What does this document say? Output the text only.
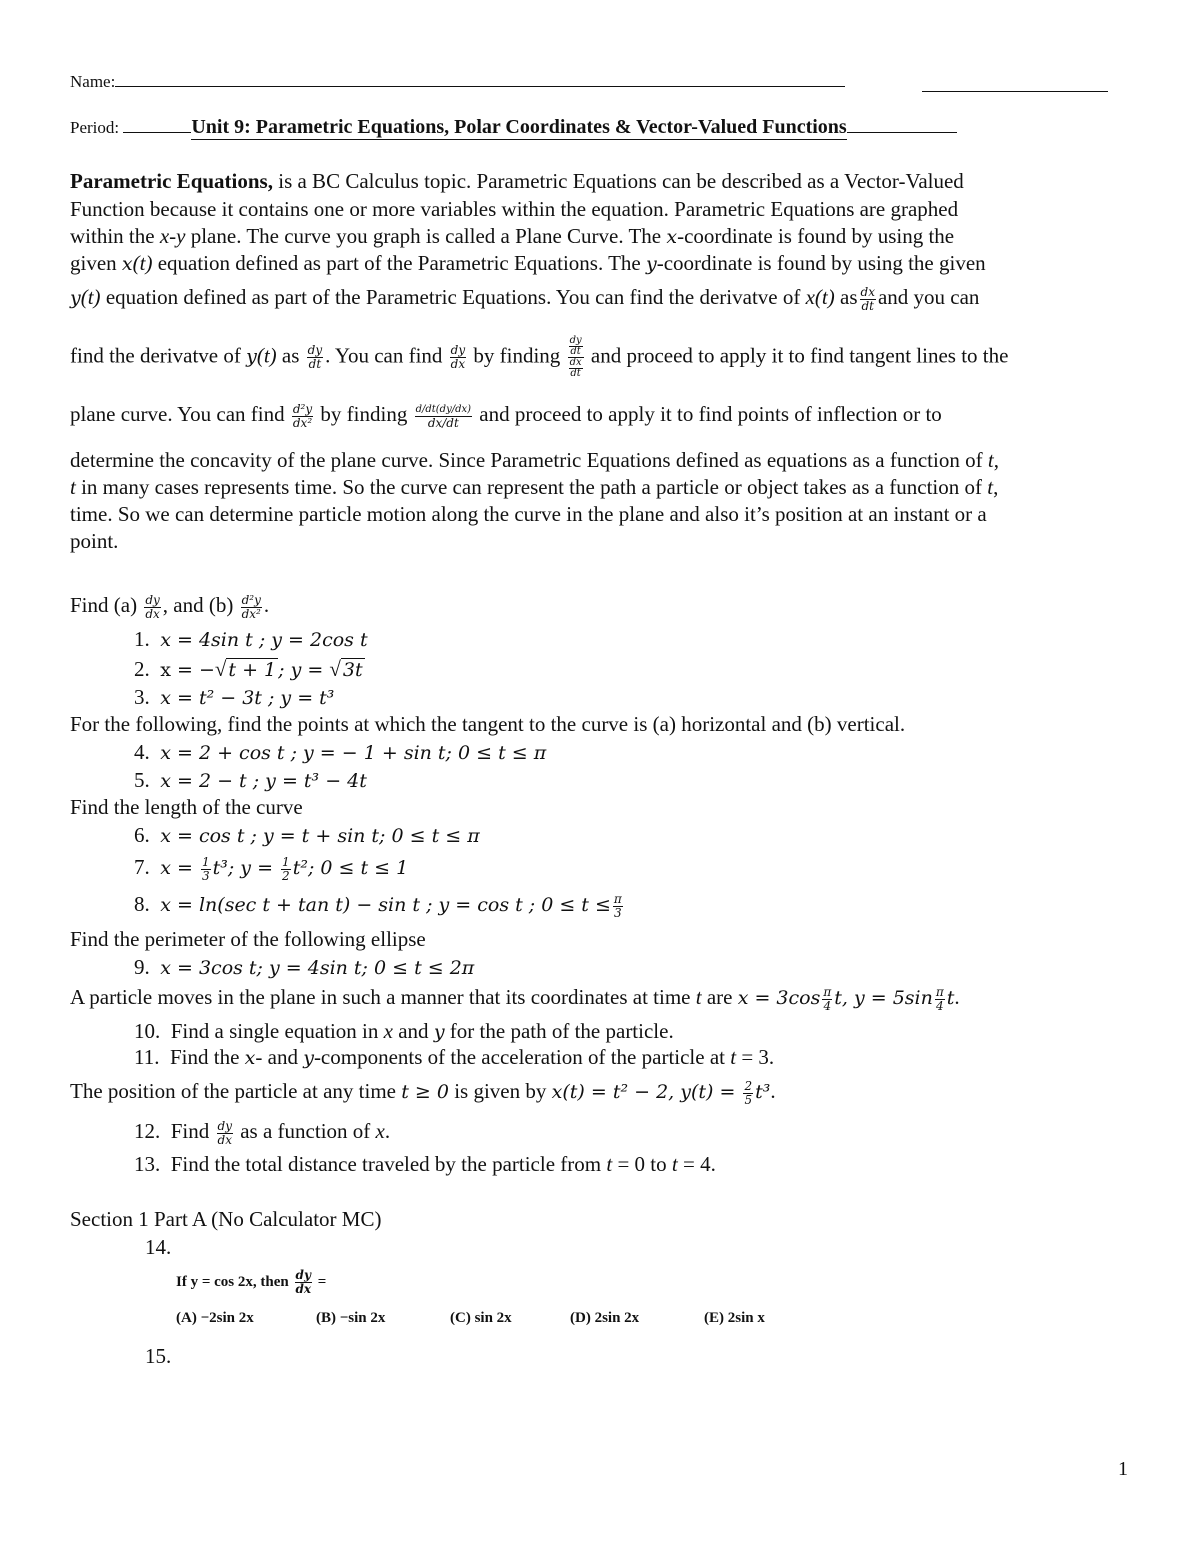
Name:
Period:	Unit 9: Parametric Equations, Polar Coordinates & Vector-Valued Functions
Parametric Equations, is a BC Calculus topic. Parametric Equations can be described as a Vector-Valued
Function because it contains one or more variables within the equation. Parametric Equations are graphed
within the x-y plane. The curve you graph is called a Plane Curve. The x-coordinate is found by using the
given x(t) equation defined as part of the Parametric Equations. The y-coordinate is found by using the given
y(t) equation defined as part of the Parametric Equations. You can find the derivatve of x(t) as $\frac{dx}{dt}$ and you can
find the derivatve of y(t) as $\frac{dy}{dt}$ . You can find $\frac{dy}{dx}$ by finding $\frac{\frac{dy}{dt}}{\frac{dx}{dt}}$ and proceed to apply it to find tangent lines to the
plane curve. You can find $\frac{\text{d²y}}{\text{dx²}}$ by finding $\frac{d/dt(dy/dx)}{dx/dt}$ and proceed to apply it to find points of inflection or to
determine the concavity of the plane curve. Since Parametric Equations defined as equations as a function of t,
t in many cases represents time. So the curve can represent the path a particle or object takes as a function of t,
time. So we can determine particle motion along the curve in the plane and also it’s position at an instant or a
point.
Find $(a) \frac{dy}{dx}$ , and $(b) \frac{\text{d²y}}{\text{dx²}}$ .
1. x = 4sin t ; y = 2cos t
2. x = −√ t + 1 ; y = √ 3t
3. x = t² − 3t ; y = t³
For the following, find the points at which the tangent to the curve is (a) horizontal and (b) vertical.
4. x = 2 + cos t ; y = − 1 + sin t; 0 ≤ t ≤ π
5. x = 2 − t ; y = t³ − 4t
Find the length of the curve
6. x = cos t ; y = t + sin t; 0 ≤ t ≤ π
7. $x = \frac{1}{3} t^3$; $y = \frac{1}{2} t^2$; 0 ≤ t ≤ 1
8. x = ln(sec t + tan t) − sin t ; y = cos t ; $0 \le t \le \frac{\pi}{3}$
Find the perimeter of the following ellipse
9. x = 3cos t; y = 4sin t; 0 ≤ t ≤ 2π
A particle moves in the plane in such a manner that its coordinates at time t are $x = 3\cos \frac{\pi}{4} t$, $y = 5\sin \frac{\pi}{4} t$.
10. Find a single equation in x and y for the path of the particle.
11. Find the x- and y-components of the acceleration of the particle at t = 3.
The position of the particle at any time t ≥ 0 is given by x(t) = t² − 2, $y(t) = \frac{2}{5} t^3$.
12. Find $\frac{dy}{dx}$ as a function of x.
13. Find the total distance traveled by the particle from t = 0 to t = 4.
Section 1 Part A (No Calculator MC)
14.
If y = cos 2x, then $\frac{dy}{dx}$ =
(A) −2sin 2x	(B) −sin 2x	(C) sin 2x	(D) 2sin 2x	(E) 2sin x
15.
1
